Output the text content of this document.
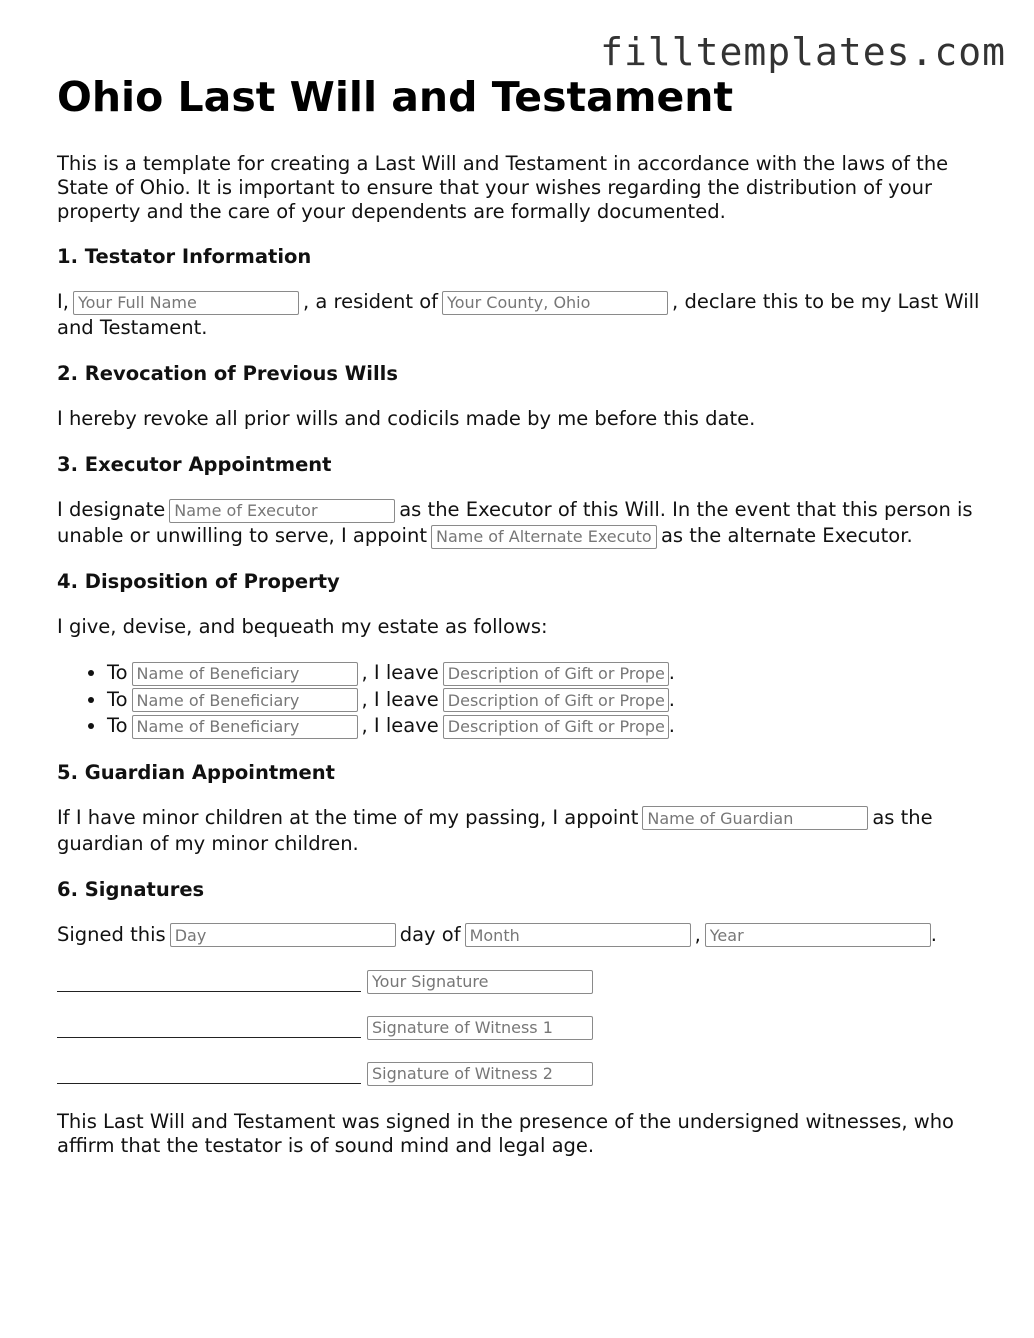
filltemplates.com
Ohio Last Will and Testament

This is a template for creating a Last Will and Testament in accordance with the laws of the State of Ohio. It is important to ensure that your wishes regarding the distribution of your property and the care of your dependents are formally documented.

1. Testator Information

I,Your Full Name	, a resident ofYour County, Ohio	, declare this to be my Last Will and Testament.

2. Revocation of Previous Wills

I hereby revoke all prior wills and codicils made by me before this date.

3. Executor Appointment

I designateName of Executor	as the Executor of this Will. In the event that this person is unable or unwilling to serve, I appointName of Alternate Executor	as the alternate Executor.

4. Disposition of Property

I give, devise, and bequeath my estate as follows:

• ToName of Beneficiary	, I leaveDescription of Gift or Property	.
• ToName of Beneficiary	, I leaveDescription of Gift or Property	.
• ToName of Beneficiary	, I leaveDescription of Gift or Property	.
5. Guardian Appointment

If I have minor children at the time of my passing, I appointName of Guardian	as the guardian of my minor children.

6. Signatures

Signed thisDay	day ofMonth	,Year	.

Your Signature
Signature of Witness 1
Signature of Witness 2

This Last Will and Testament was signed in the presence of the undersigned witnesses, who affirm that the testator is of sound mind and legal age.
